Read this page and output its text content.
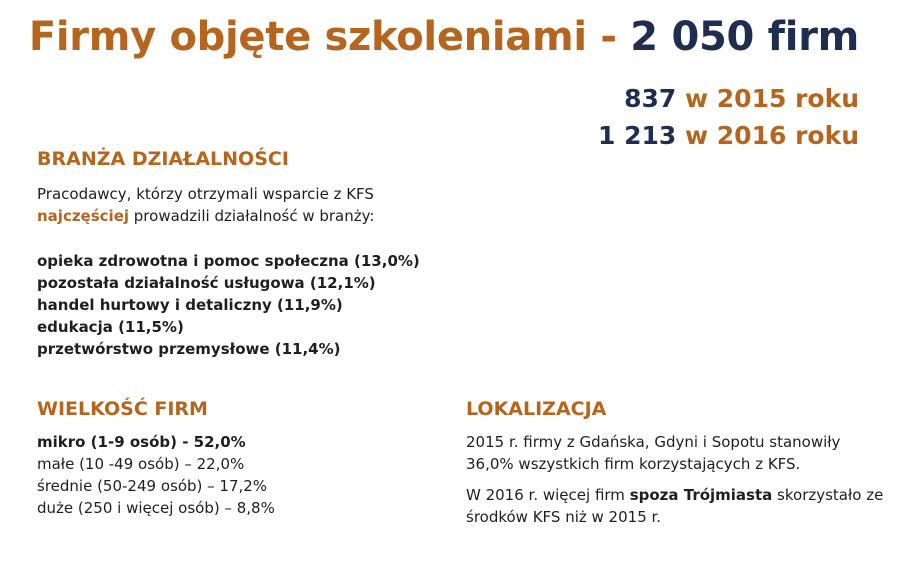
Firmy objęte szkoleniami - 2 050 firm
837 w 2015 roku
1 213 w 2016 roku
BRANŻA DZIAŁALNOŚCI
Pracodawcy, którzy otrzymali wsparcie z KFS
najczęściej prowadzili działalność w branży:
opieka zdrowotna i pomoc społeczna (13,0%)
pozostała działalność usługowa (12,1%)
handel hurtowy i detaliczny (11,9%)
edukacja (11,5%)
przetwórstwo przemysłowe (11,4%)
WIELKOŚĆ FIRM
mikro (1-9 osób) - 52,0%
małe (10 -49 osób) – 22,0%
średnie (50-249 osób) – 17,2%
duże (250 i więcej osób) – 8,8%
LOKALIZACJA
2015 r. firmy z Gdańska, Gdyni i Sopotu stanowiły 36,0% wszystkich firm korzystających z KFS.
W 2016 r. więcej firm spoza Trójmiasta skorzystało ze środków KFS niż w 2015 r.
